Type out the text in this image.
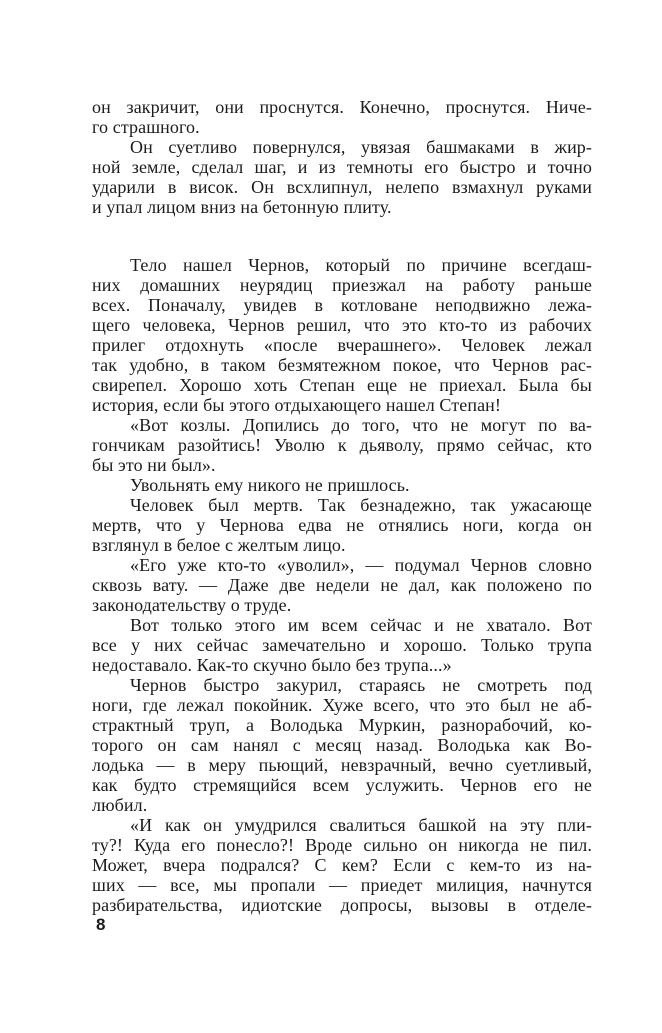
он закричит, они проснутся. Конечно, проснутся. Ниче-
го страшного.
Он суетливо повернулся, увязая башмаками в жир-
ной земле, сделал шаг, и из темноты его быстро и точно
ударили в висок. Он всхлипнул, нелепо взмахнул руками
и упал лицом вниз на бетонную плиту.
Тело нашел Чернов, который по причине всегдаш-
них домашних неурядиц приезжал на работу раньше
всех. Поначалу, увидев в котловане неподвижно лежа-
щего человека, Чернов решил, что это кто-то из рабочих
прилег отдохнуть «после вчерашнего». Человек лежал
так удобно, в таком безмятежном покое, что Чернов рас-
свирепел. Хорошо хоть Степан еще не приехал. Была бы
история, если бы этого отдыхающего нашел Степан!
«Вот козлы. Допились до того, что не могут по ва-
гончикам разойтись! Уволю к дьяволу, прямо сейчас, кто
бы это ни был».
Увольнять ему никого не пришлось.
Человек был мертв. Так безнадежно, так ужасающе
мертв, что у Чернова едва не отнялись ноги, когда он
взглянул в белое с желтым лицо.
«Его уже кто-то «уволил», — подумал Чернов словно
сквозь вату. — Даже две недели не дал, как положено по
законодательству о труде.
Вот только этого им всем сейчас и не хватало. Вот
все у них сейчас замечательно и хорошо. Только трупа
недоставало. Как-то скучно было без трупа...»
Чернов быстро закурил, стараясь не смотреть под
ноги, где лежал покойник. Хуже всего, что это был не аб-
страктный труп, а Володька Муркин, разнорабочий, ко-
торого он сам нанял с месяц назад. Володька как Во-
лодька — в меру пьющий, невзрачный, вечно суетливый,
как будто стремящийся всем услужить. Чернов его не
любил.
«И как он умудрился свалиться башкой на эту пли-
ту?! Куда его понесло?! Вроде сильно он никогда не пил.
Может, вчера подрался? С кем? Если с кем-то из на-
ших — все, мы пропали — приедет милиция, начнутся
разбирательства, идиотские допросы, вызовы в отделе-
8
